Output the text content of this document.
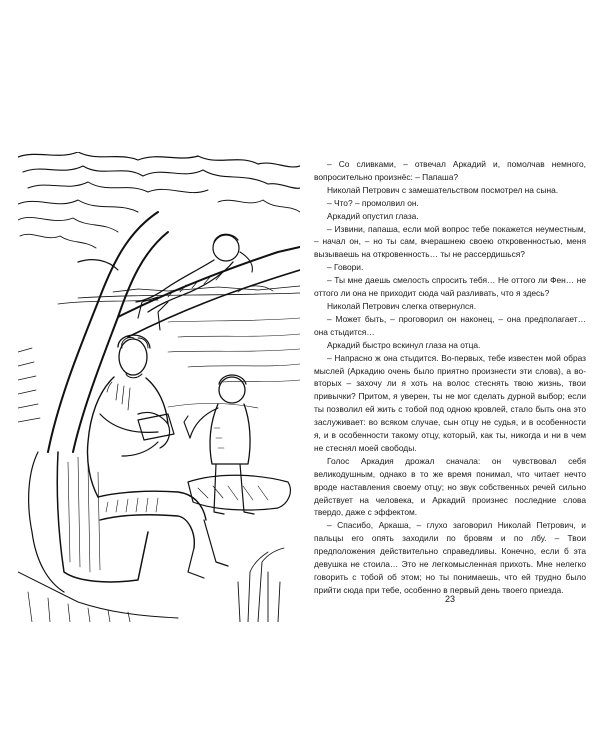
– Со сливками, – отвечал Аркадий и, помолчав немного, вопросительно произнёс: – Папаша?

Николай Петрович с замешательством посмотрел на сына.

– Что? – промолвил он.

Аркадий опустил глаза.

– Извини, папаша, если мой вопрос тебе покажется неуместным, – начал он, – но ты сам, вчерашнею своею откровенностью, меня вызываешь на откровенность… ты не рассердишься?

– Говори.

– Ты мне даешь смелость спросить тебя… Не оттого ли Фен… не оттого ли она не приходит сюда чай разливать, что я здесь?

Николай Петрович слегка отвернулся.

– Может быть, – проговорил он наконец, – она предполагает… она стыдится…

Аркадий быстро вскинул глаза на отца.

– Напрасно ж она стыдится. Во-первых, тебе известен мой образ мыслей (Аркадию очень было приятно произнести эти слова), а во-вторых – захочу ли я хоть на волос стеснять твою жизнь, твои привычки? Притом, я уверен, ты не мог сделать дурной выбор; если ты позволил ей жить с тобой под одною кровлей, стало быть она это заслуживает: во всяком случае, сын отцу не судья, и в особенности я, и в особенности такому отцу, который, как ты, никогда и ни в чем не стеснял моей свободы.

Голос Аркадия дрожал сначала: он чувствовал себя великодушным, однако в то же время понимал, что читает нечто вроде наставления своему отцу; но звук собственных речей сильно действует на человека, и Аркадий произнес последние слова твердо, даже с эффектом.

– Спасибо, Аркаша, – глухо заговорил Николай Петрович, и пальцы его опять заходили по бровям и по лбу. – Твои предположения действительно справедливы. Конечно, если б эта девушка не стоила… Это не легкомысленная прихоть. Мне нелегко говорить с тобой об этом; но ты понимаешь, что ей трудно было прийти сюда при тебе, особенно в первый день твоего приезда.

23
